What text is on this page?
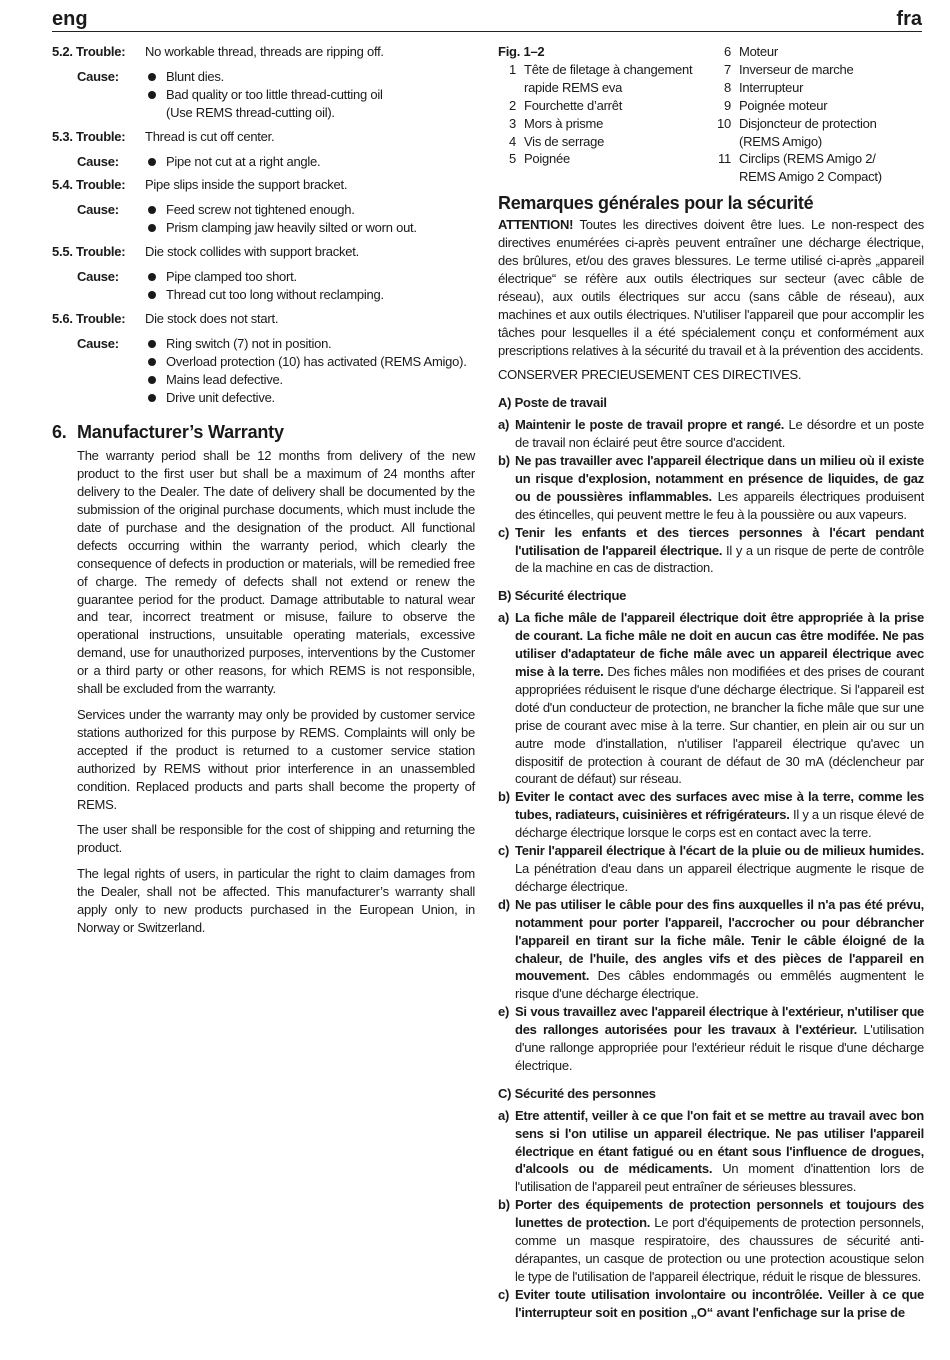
eng	fra
5.2. Trouble:	No workable thread, threads are ripping off.
Cause:	Blunt dies.
Bad quality or too little thread-cutting oil
(Use REMS thread-cutting oil).
5.3. Trouble:	Thread is cut off center.
Cause:	Pipe not cut at a right angle.
5.4. Trouble:	Pipe slips inside the support bracket.
Cause:	Feed screw not tightened enough.
Prism clamping jaw heavily silted or worn out.
5.5. Trouble:	Die stock collides with support bracket.
Cause:	Pipe clamped too short.
Thread cut too long without reclamping.
5.6. Trouble:	Die stock does not start.
Cause:	Ring switch (7) not in position.
Overload protection (10) has activated (REMS Amigo).
Mains lead defective.
Drive unit defective.
6. Manufacturer’s Warranty

The warranty period shall be 12 months from delivery of the new product to the first user but shall be a maximum of 24 months after delivery to the Dealer. The date of delivery shall be documented by the submission of the original purchase documents, which must include the date of purchase and the designation of the product. All functional defects occurring within the warranty period, which clearly the consequence of defects in production or materials, will be remedied free of charge. The remedy of defects shall not extend or renew the guarantee period for the product. Damage attributable to natural wear and tear, incorrect treatment or misuse, failure to observe the operational instructions, unsuitable operating materials, excessive demand, use for unauthorized purposes, interventions by the Customer or a third party or other reasons, for which REMS is not responsible, shall be excluded from the warranty.

Services under the warranty may only be provided by customer service stations authorized for this purpose by REMS. Complaints will only be accepted if the product is returned to a customer service station authorized by REMS without prior interference in an unassembled condition. Replaced products and parts shall become the property of REMS.

The user shall be responsible for the cost of shipping and returning the product.

The legal rights of users, in particular the right to claim damages from the Dealer, shall not be affected. This manufacturer’s warranty shall apply only to new products purchased in the European Union, in Norway or Switzerland.

Fig. 1–2
1 Tête de filetage à changement
rapide REMS eva
2 Fourchette d’arrêt
3 Mors à prisme
4 Vis de serrage
5 Poignée
6 Moteur
7 Inverseur de marche
8 Interrupteur
9 Poignée moteur
10 Disjoncteur de protection
(REMS Amigo)
11 Circlips (REMS Amigo 2/
REMS Amigo 2 Compact)
Remarques générales pour la sécurité

ATTENTION! Toutes les directives doivent être lues. Le non-respect des directives enumérées ci-après peuvent entraîner une décharge électrique, des brûlures, et/ou des graves blessures. Le terme utilisé ci-après „appareil électrique“ se réfère aux outils électriques sur secteur (avec câble de réseau), aux outils électriques sur accu (sans câble de réseau), aux machines et aux outils électriques. N'utiliser l'appareil que pour accomplir les tâches pour lesquelles il a été spécialement conçu et conformément aux prescriptions relatives à la sécurité du travail et à la prévention des accidents.

CONSERVER PRECIEUSEMENT CES DIRECTIVES.

A) Poste de travail
a) Maintenir le poste de travail propre et rangé. Le désordre et un poste de travail non éclairé peut être source d'accident.
b) Ne pas travailler avec l'appareil électrique dans un milieu où il existe un risque d'explosion, notamment en présence de liquides, de gaz ou de poussières inflammables. Les appareils électriques produisent des étincelles, qui peuvent mettre le feu à la poussière ou aux vapeurs.
c) Tenir les enfants et des tierces personnes à l'écart pendant l'utilisation de l'appareil électrique. Il y a un risque de perte de contrôle de la machine en cas de distraction.
B) Sécurité électrique
a) La fiche mâle de l'appareil électrique doit être appropriée à la prise de courant. La fiche mâle ne doit en aucun cas être modifée. Ne pas utiliser d'adaptateur de fiche mâle avec un appareil électrique avec mise à la terre. Des fiches mâles non modifiées et des prises de courant appropriées réduisent le risque d'une décharge électrique. Si l'appareil est doté d'un conducteur de protection, ne brancher la fiche mâle que sur une prise de courant avec mise à la terre. Sur chantier, en plein air ou sur un autre mode d'installation, n'utiliser l'appareil électrique qu'avec un dispositif de protection à courant de défaut de 30 mA (déclencheur par courant de défaut) sur réseau.
b) Eviter le contact avec des surfaces avec mise à la terre, comme les tubes, radiateurs, cuisinières et réfrigérateurs. Il y a un risque élevé de décharge électrique lorsque le corps est en contact avec la terre.
c) Tenir l'appareil électrique à l'écart de la pluie ou de milieux humides. La pénétration d'eau dans un appareil électrique augmente le risque de décharge électrique.
d) Ne pas utiliser le câble pour des fins auxquelles il n'a pas été prévu, notamment pour porter l'appareil, l'accrocher ou pour débrancher l'appareil en tirant sur la fiche mâle. Tenir le câble éloigné de la chaleur, de l'huile, des angles vifs et des pièces de l'appareil en mouvement. Des câbles endommagés ou emmêlés augmentent le risque d'une décharge électrique.
e) Si vous travaillez avec l'appareil électrique à l'extérieur, n'utiliser que des rallonges autorisées pour les travaux à l'extérieur. L'utilisation d'une rallonge appropriée pour l'extérieur réduit le risque d'une décharge électrique.
C) Sécurité des personnes
a) Etre attentif, veiller à ce que l'on fait et se mettre au travail avec bon sens si l'on utilise un appareil électrique. Ne pas utiliser l'appareil électrique en étant fatigué ou en étant sous l'influence de drogues, d'alcools ou de médicaments. Un moment d'inattention lors de l'utilisation de l'appareil peut entraîner de sérieuses blessures.
b) Porter des équipements de protection personnels et toujours des lunettes de protection. Le port d'équipements de protection personnels, comme un masque respiratoire, des chaussures de sécurité anti-dérapantes, un casque de protection ou une protection acoustique selon le type de l'utilisation de l'appareil électrique, réduit le risque de blessures.
c) Eviter toute utilisation involontaire ou incontrôlée. Veiller à ce que l'interrupteur soit en position „O“ avant l'enfichage sur la prise de
